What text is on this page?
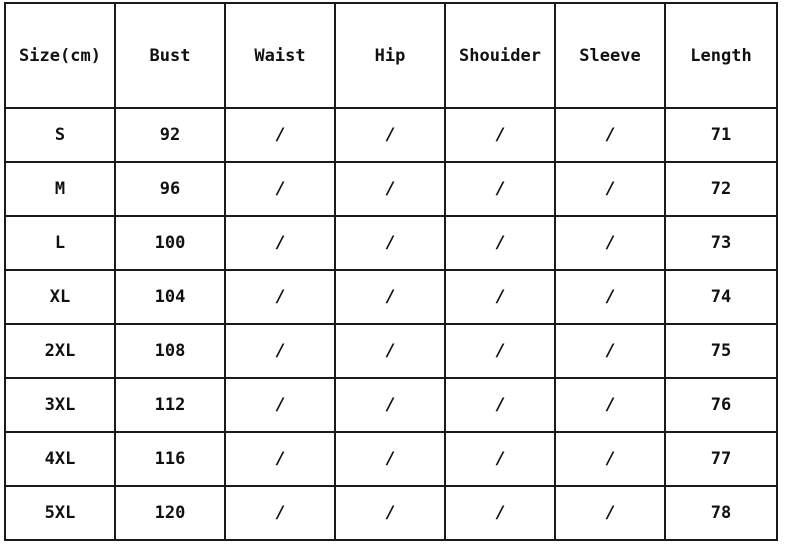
Size(cm)	Bust	Waist	Hip	Shouider	Sleeve	Length
S	92	/	/	/	/	71
M	96	/	/	/	/	72
L	100	/	/	/	/	73
XL	104	/	/	/	/	74
2XL	108	/	/	/	/	75
3XL	112	/	/	/	/	76
4XL	116	/	/	/	/	77
5XL	120	/	/	/	/	78
